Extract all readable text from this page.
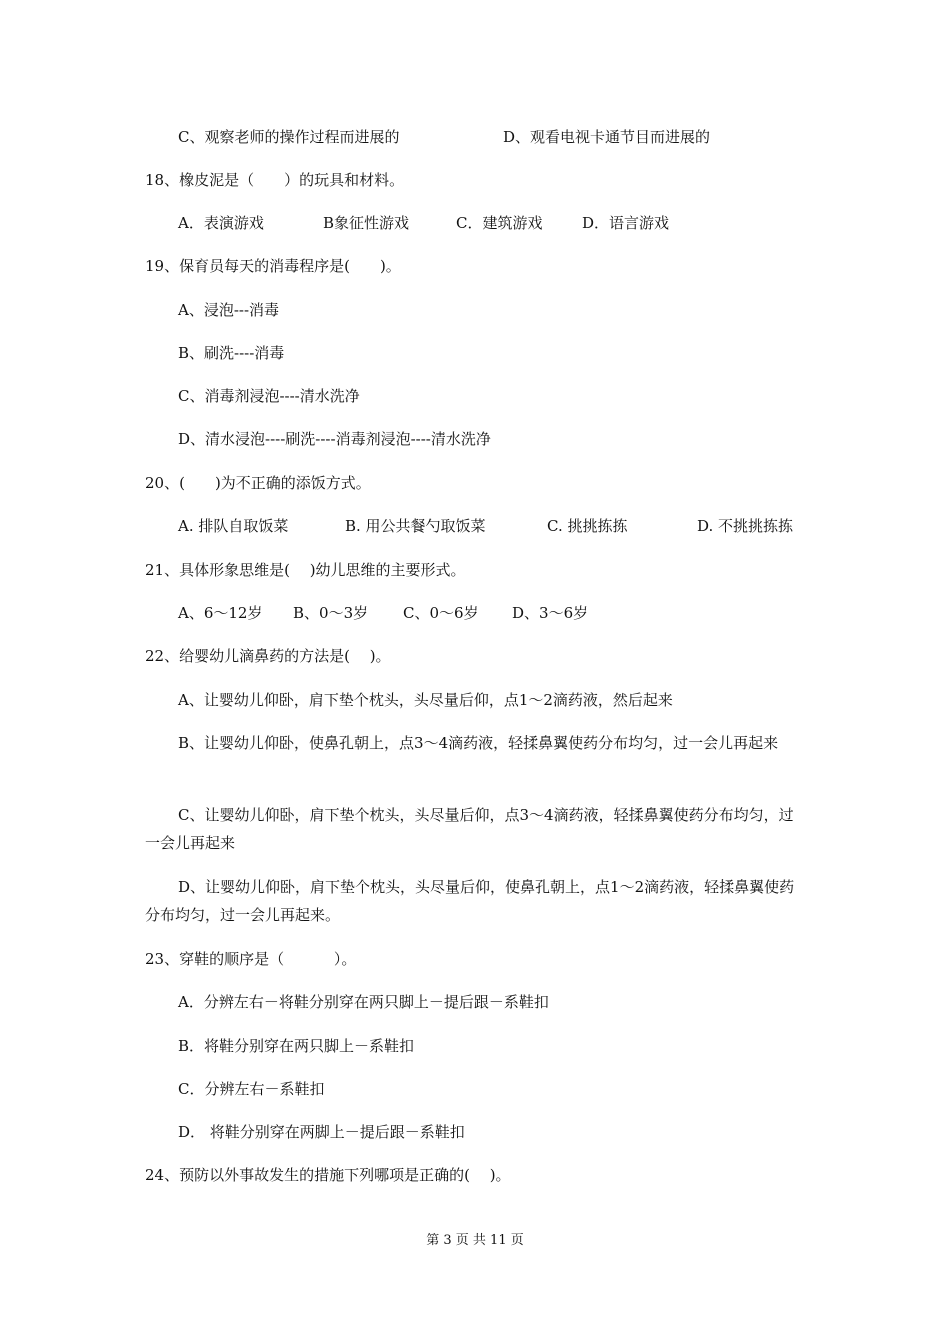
C、观察老师的操作过程而进展的	D、观看电视卡通节目而进展的
18、橡皮泥是（　　）的玩具和材料。
A．表演游戏	B象征性游戏	C．建筑游戏	D．语言游戏
19、保育员每天的消毒程序是(　　)。
A、浸泡---消毒
B、刷洗----消毒
C、消毒剂浸泡----清水洗净
D、清水浸泡----刷洗----消毒剂浸泡----清水洗净
20、(　　)为不正确的添饭方式。
A. 排队自取饭菜	B. 用公共餐勺取饭菜	C. 挑挑拣拣	D. 不挑挑拣拣
21、具体形象思维是(　 )幼儿思维的主要形式。
A、6～12岁 B、0～3岁 C、0～6岁 D、3～6岁
22、给婴幼儿滴鼻药的方法是(　 )。
A、让婴幼儿仰卧，肩下垫个枕头，头尽量后仰，点1～2滴药液，然后起来
B、让婴幼儿仰卧，使鼻孔朝上，点3～4滴药液，轻揉鼻翼使药分布均匀，过一会儿再起来
C、让婴幼儿仰卧，肩下垫个枕头，头尽量后仰，点3～4滴药液，轻揉鼻翼使药分布均匀，过一会儿再起来
D、让婴幼儿仰卧，肩下垫个枕头，头尽量后仰，使鼻孔朝上，点1～2滴药液，轻揉鼻翼使药分布均匀，过一会儿再起来。
23、穿鞋的顺序是（　　　 ）。
A．分辨左右－将鞋分别穿在两只脚上－提后跟－系鞋扣
B．将鞋分别穿在两只脚上－系鞋扣
C．分辨左右－系鞋扣
D． 将鞋分别穿在两脚上－提后跟－系鞋扣
24、预防以外事故发生的措施下列哪项是正确的(　 )。
第 3 页 共 11 页
